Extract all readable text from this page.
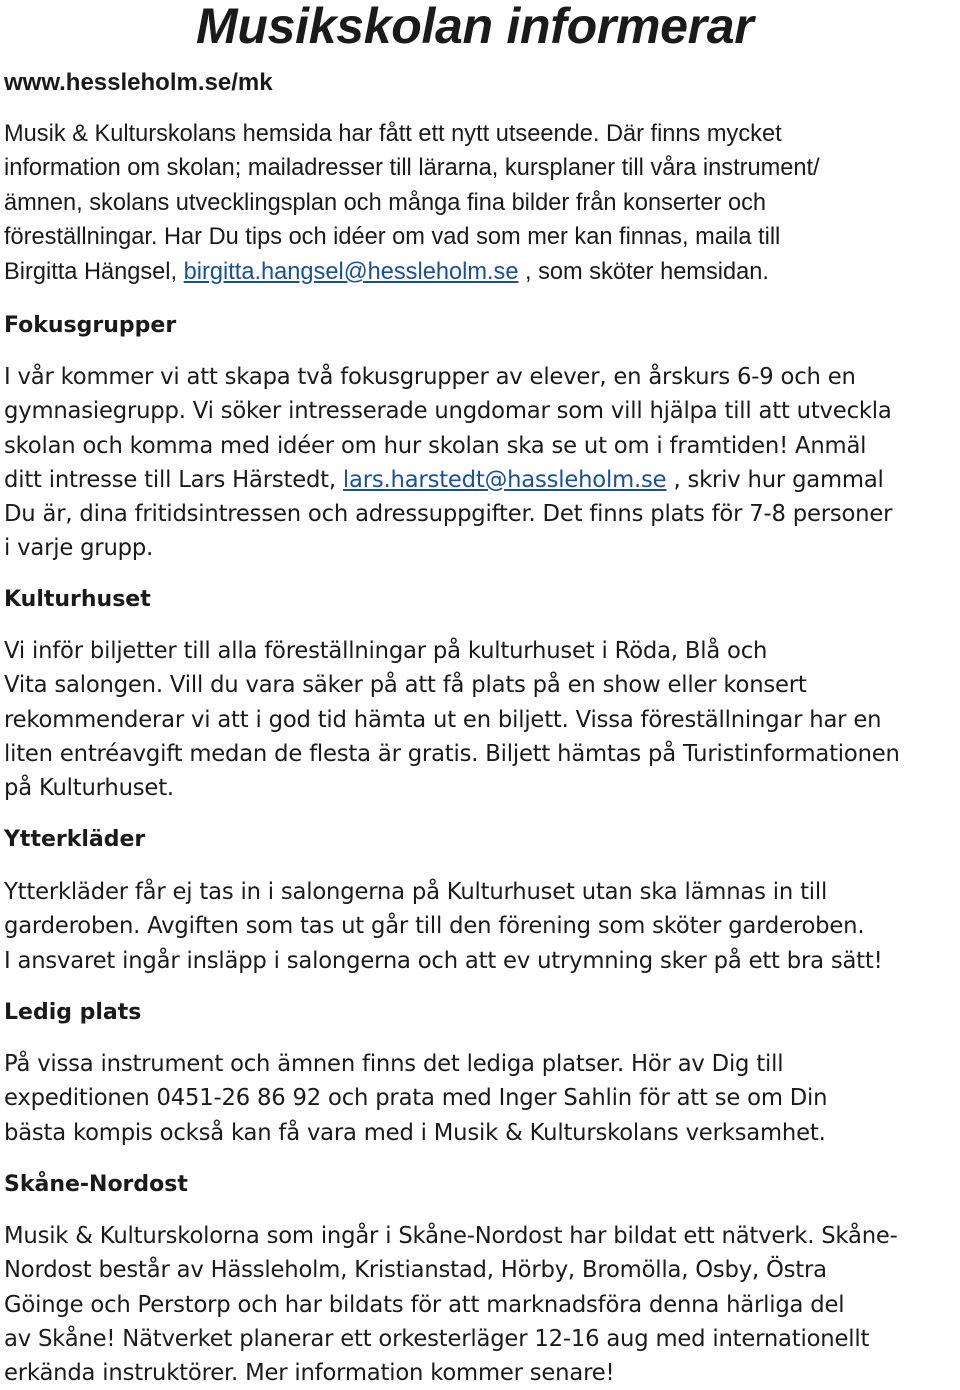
Musikskolan informerar
www.hessleholm.se/mk
Musik & Kulturskolans hemsida har fått ett nytt utseende. Där finns mycket
information om skolan; mailadresser till lärarna, kursplaner till våra instrument/
ämnen, skolans utvecklingsplan och många fina bilder från konserter och
föreställningar. Har Du tips och idéer om vad som mer kan finnas, maila till
Birgitta Hängsel, birgitta.hangsel@hessleholm.se , som sköter hemsidan.
Fokusgrupper
I vår kommer vi att skapa två fokusgrupper av elever, en årskurs 6-9 och en
gymnasiegrupp. Vi söker intresserade ungdomar som vill hjälpa till att utveckla
skolan och komma med idéer om hur skolan ska se ut om i framtiden! Anmäl
ditt intresse till Lars Härstedt, lars.harstedt@hassleholm.se , skriv hur gammal
Du är, dina fritidsintressen och adressuppgifter. Det finns plats för 7-8 personer
i varje grupp.
Kulturhuset
Vi inför biljetter till alla föreställningar på kulturhuset i Röda, Blå och
Vita salongen. Vill du vara säker på att få plats på en show eller konsert
rekommenderar vi att i god tid hämta ut en biljett. Vissa föreställningar har en
liten entréavgift medan de flesta är gratis. Biljett hämtas på Turistinformationen
på Kulturhuset.
Ytterkläder
Ytterkläder får ej tas in i salongerna på Kulturhuset utan ska lämnas in till
garderoben. Avgiften som tas ut går till den förening som sköter garderoben.
I ansvaret ingår insläpp i salongerna och att ev utrymning sker på ett bra sätt!
Ledig plats
På vissa instrument och ämnen finns det lediga platser. Hör av Dig till
expeditionen 0451-26 86 92 och prata med Inger Sahlin för att se om Din
bästa kompis också kan få vara med i Musik & Kulturskolans verksamhet.
Skåne-Nordost
Musik & Kulturskolorna som ingår i Skåne-Nordost har bildat ett nätverk. Skåne-
Nordost består av Hässleholm, Kristianstad, Hörby, Bromölla, Osby, Östra
Göinge och Perstorp och har bildats för att marknadsföra denna härliga del
av Skåne! Nätverket planerar ett orkesterläger 12-16 aug med internationellt
erkända instruktörer. Mer information kommer senare!
